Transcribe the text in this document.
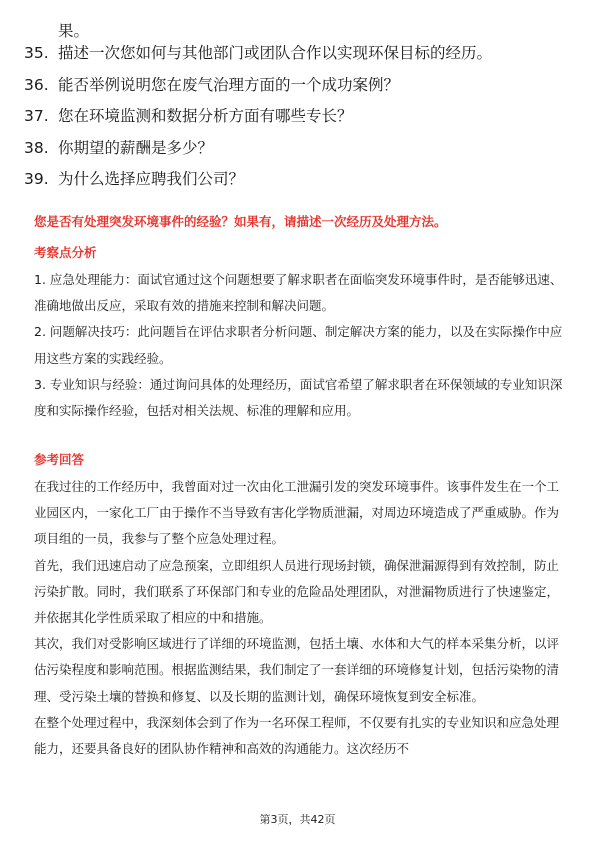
果。
35. 描述一次您如何与其他部门或团队合作以实现环保目标的经历。
36. 能否举例说明您在废气治理方面的一个成功案例？
37. 您在环境监测和数据分析方面有哪些专长？
38. 你期望的薪酬是多少？
39. 为什么选择应聘我们公司？
您是否有处理突发环境事件的经验？如果有，请描述一次经历及处理方法。
考察点分析

1. 应急处理能力：面试官通过这个问题想要了解求职者在面临突发环境事件时，是否能够迅速、准确地做出反应，采取有效的措施来控制和解决问题。

2. 问题解决技巧：此问题旨在评估求职者分析问题、制定解决方案的能力，以及在实际操作中应用这些方案的实践经验。

3. 专业知识与经验：通过询问具体的处理经历，面试官希望了解求职者在环保领域的专业知识深度和实际操作经验，包括对相关法规、标准的理解和应用。

参考回答

在我过往的工作经历中，我曾面对过一次由化工泄漏引发的突发环境事件。该事件发生在一个工业园区内，一家化工厂由于操作不当导致有害化学物质泄漏，对周边环境造成了严重威胁。作为项目组的一员，我参与了整个应急处理过程。

首先，我们迅速启动了应急预案，立即组织人员进行现场封锁，确保泄漏源得到有效控制，防止污染扩散。同时，我们联系了环保部门和专业的危险品处理团队，对泄漏物质进行了快速鉴定，并依据其化学性质采取了相应的中和措施。

其次，我们对受影响区域进行了详细的环境监测，包括土壤、水体和大气的样本采集分析，以评估污染程度和影响范围。根据监测结果，我们制定了一套详细的环境修复计划，包括污染物的清理、受污染土壤的替换和修复、以及长期的监测计划，确保环境恢复到安全标准。

在整个处理过程中，我深刻体会到了作为一名环保工程师，不仅要有扎实的专业知识和应急处理能力，还要具备良好的团队协作精神和高效的沟通能力。这次经历不

第3页，共42页
